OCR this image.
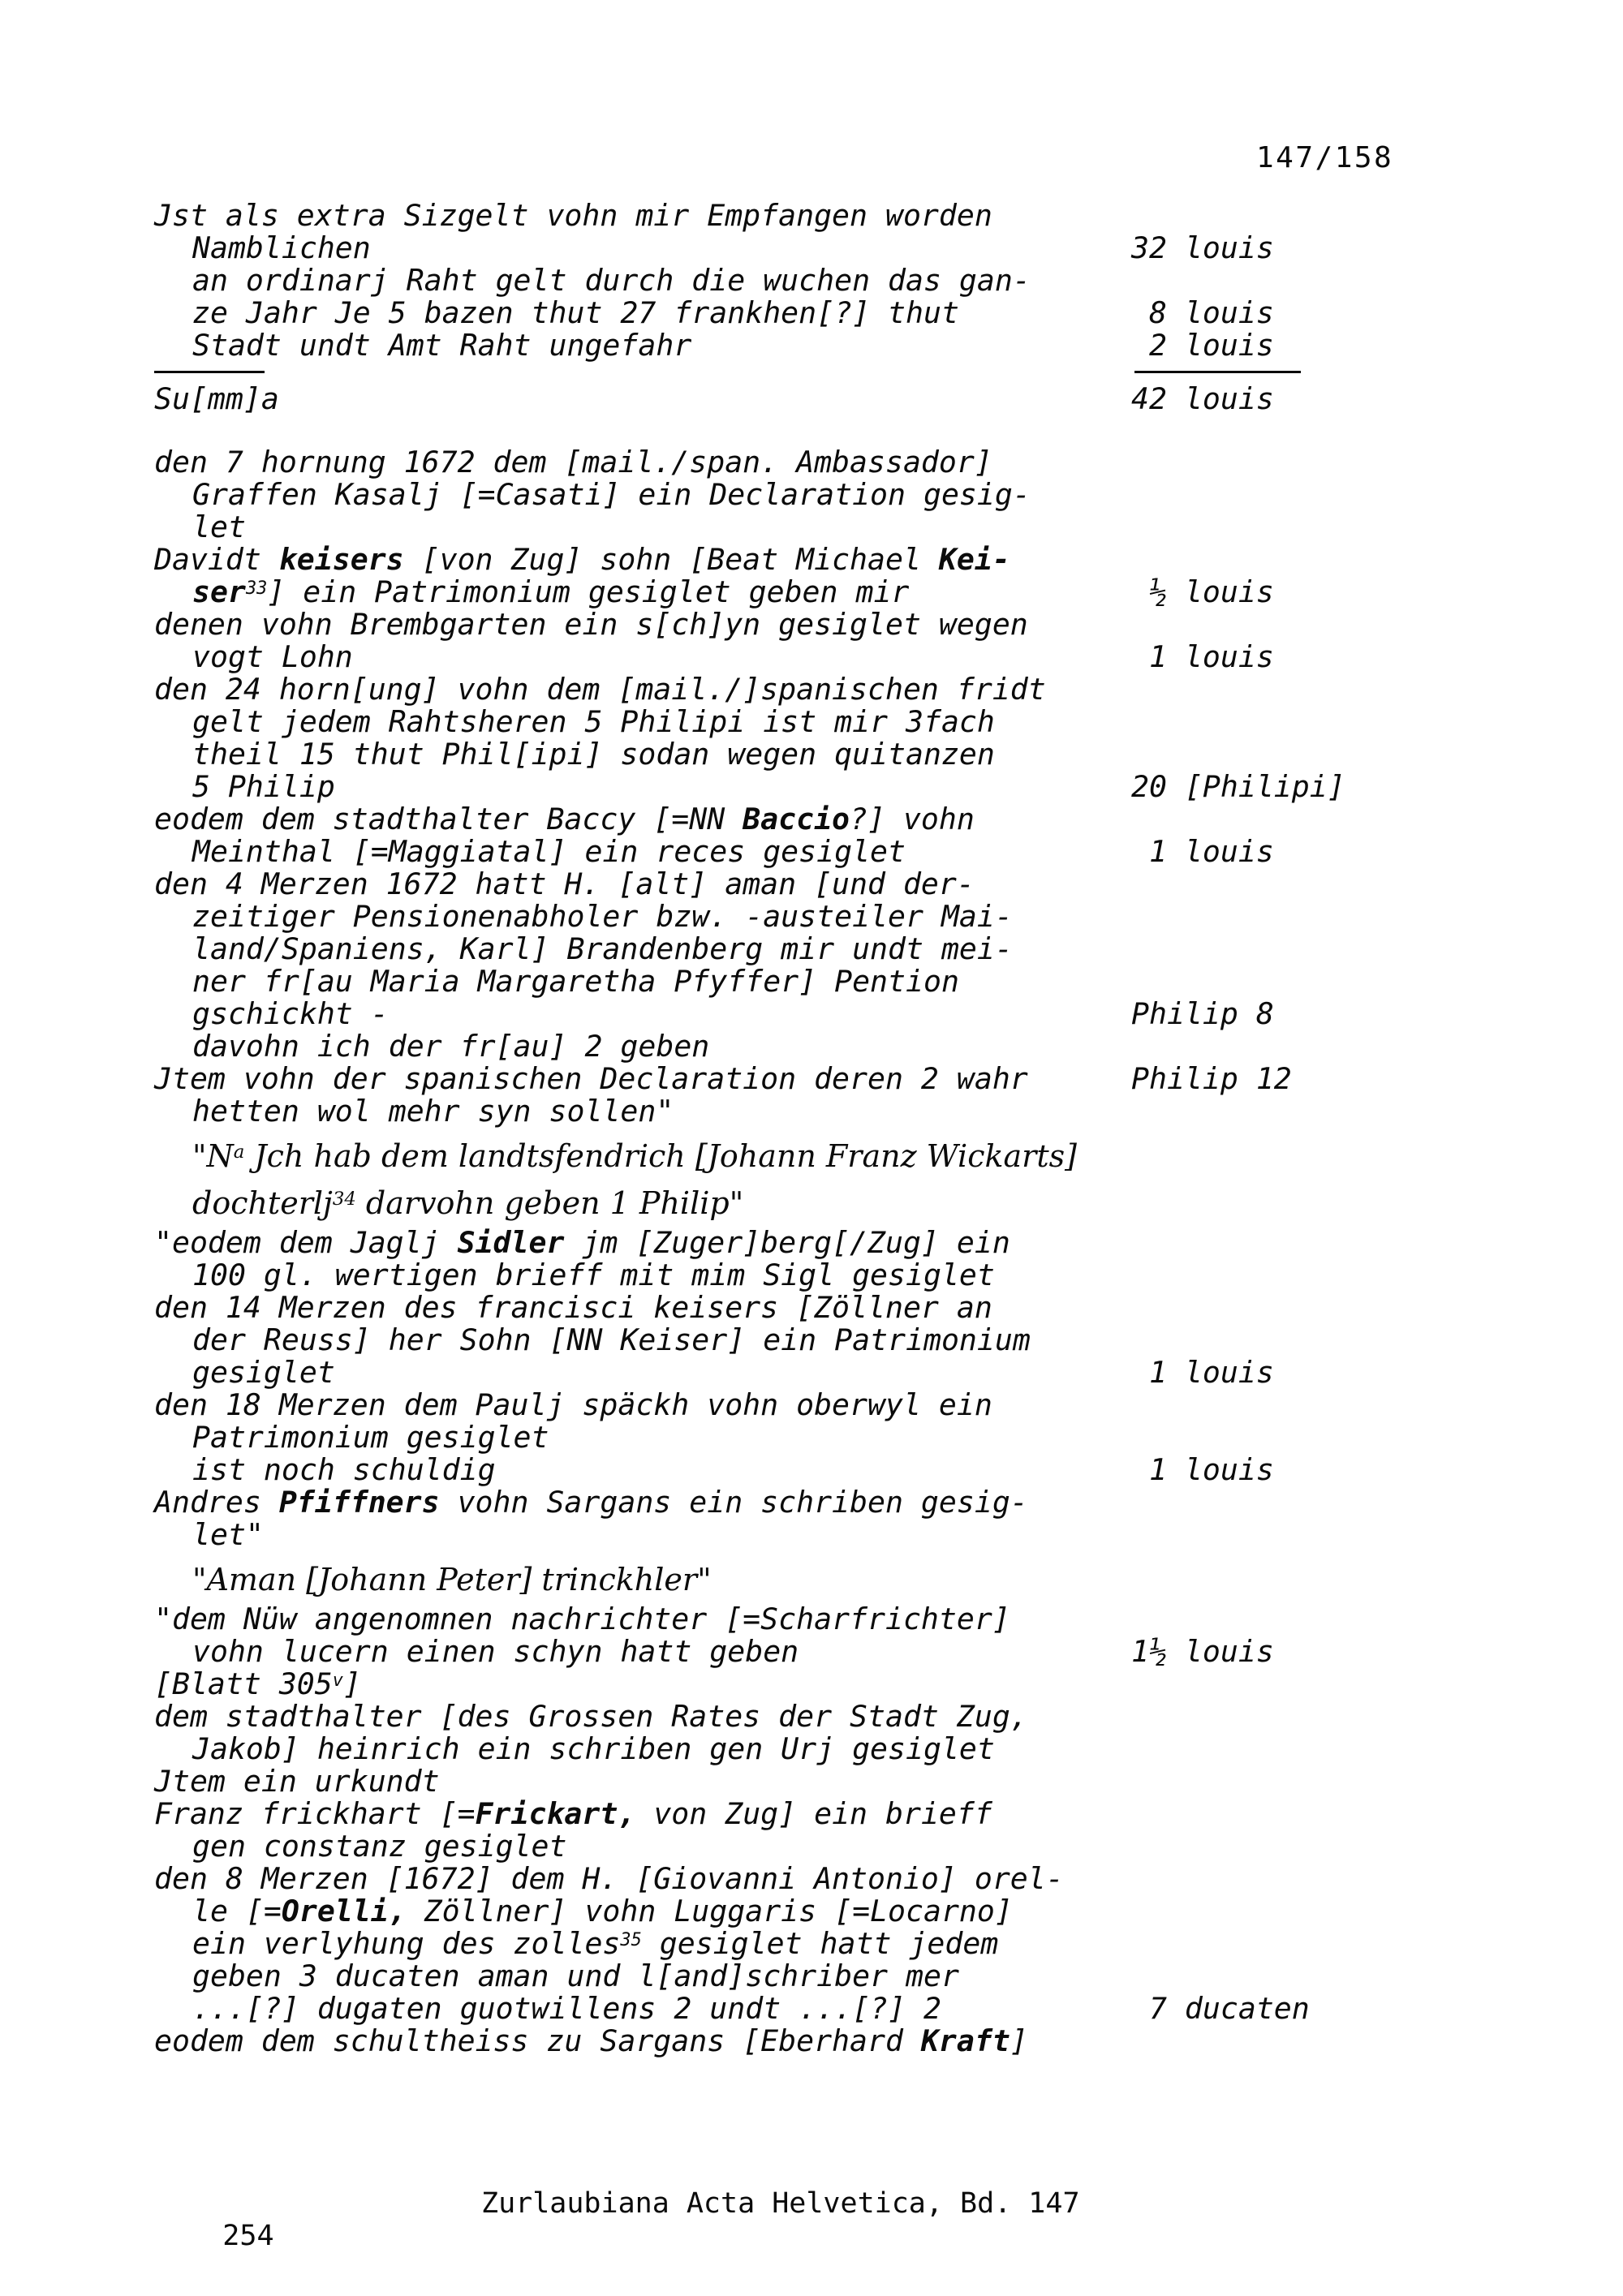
147/158
Jst als extra Sizgelt vohn mir Empfangen worden
Namblichen	32 louis
an ordinarj Raht gelt durch die wuchen das gan-
ze Jahr Je 5 bazen thut 27 frankhen[?] thut	8 louis
Stadt undt Amt Raht ungefahr	2 louis
Su[mm]a	42 louis
den 7 hornung 1672 dem [mail./span. Ambassador]
Graffen Kasalj [=Casati] ein Declaration gesig-
let
Davidt keisers [von Zug] sohn [Beat Michael Kei-
ser$^{33}$] ein Patrimonium gesiglet geben mir	½ louis
denen vohn Brembgarten ein s[ch]yn gesiglet wegen
vogt Lohn	1 louis
den 24 horn[ung] vohn dem [mail./]spanischen fridt
gelt jedem Rahtsheren 5 Philipi ist mir 3fach
theil 15 thut Phil[ipi] sodan wegen quitanzen
5 Philip	20 [Philipi]
eodem dem stadthalter Baccy [=NN Baccio?] vohn
Meinthal [=Maggiatal] ein reces gesiglet	1 louis
den 4 Merzen 1672 hatt H. [alt] aman [und der-
zeitiger Pensionenabholer bzw. -austeiler Mai-
land/Spaniens, Karl] Brandenberg mir undt mei-
ner fr[au Maria Margaretha Pfyffer] Pention
gschickht -	Philip 8
davohn ich der fr[au] 2 geben
Jtem vohn der spanischen Declaration deren 2 wahr	Philip 12
hetten wol mehr syn sollen"
"$N^a$ Jch hab dem landtsfendrich [Johann Franz Wickarts]
dochterlj$^{34}$ darvohn geben 1 Philip"
"eodem dem Jaglj Sidler jm [Zuger]berg[/Zug] ein
100 gl. wertigen brieff mit mim Sigl gesiglet
den 14 Merzen des francisci keisers [Zöllner an
der Reuss] her Sohn [NN Keiser] ein Patrimonium
gesiglet	1 louis
den 18 Merzen dem Paulj späckh vohn oberwyl ein
Patrimonium gesiglet
ist noch schuldig	1 louis
Andres Pfiffners vohn Sargans ein schriben gesig-
let"
"Aman [Johann Peter] trinckhler"
"dem Nüw angenomnen nachrichter [=Scharfrichter]
vohn lucern einen schyn hatt geben	1½ louis
[Blatt 305$^v$]
dem stadthalter [des Grossen Rates der Stadt Zug,
Jakob] heinrich ein schriben gen Urj gesiglet
Jtem ein urkundt
Franz frickhart [=Frickart, von Zug] ein brieff
gen constanz gesiglet
den 8 Merzen [1672] dem H. [Giovanni Antonio] orel-
le [=Orelli, Zöllner] vohn Luggaris [=Locarno]
ein verlyhung des zolles$^{35}$ gesiglet hatt jedem
geben 3 ducaten aman und l[and]schriber mer
...[?] dugaten guotwillens 2 undt ...[?] 2	7 ducaten
eodem dem schultheiss zu Sargans [Eberhard Kraft]

254

Zurlaubiana Acta Helvetica, Bd. 147
